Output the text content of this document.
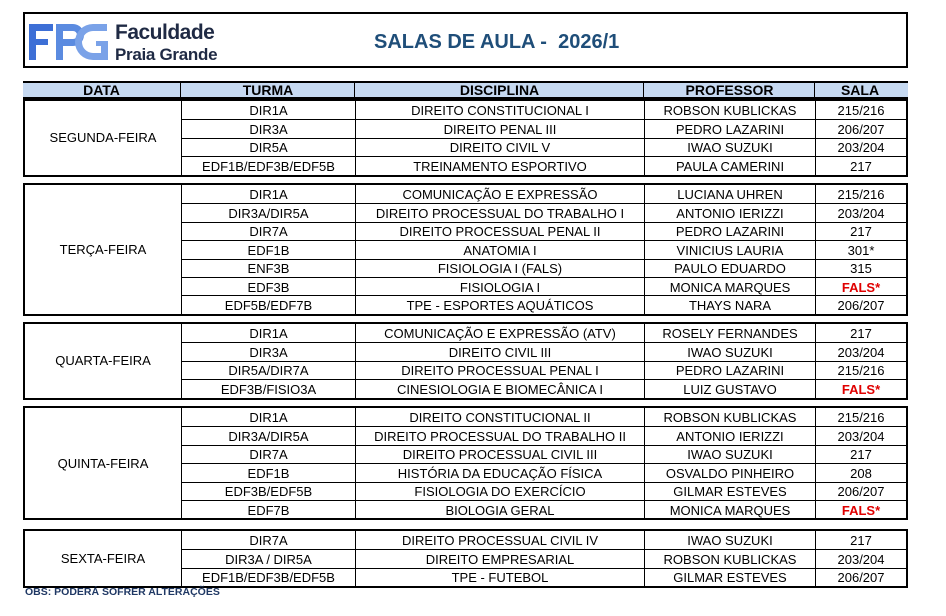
Faculdade
Praia Grande
SALAS DE AULA -  2026/1
DATA	TURMA	DISCIPLINA	PROFESSOR	SALA
SEGUNDA-FEIRA
DIR1A	DIREITO CONSTITUCIONAL I	ROBSON KUBLICKAS	215/216
DIR3A	DIREITO PENAL III	PEDRO LAZARINI	206/207
DIR5A	DIREITO CIVIL V	IWAO SUZUKI	203/204
EDF1B/EDF3B/EDF5B	TREINAMENTO ESPORTIVO	PAULA CAMERINI	217
TERÇA-FEIRA
DIR1A	COMUNICAÇÃO E EXPRESSÃO	LUCIANA UHREN	215/216
DIR3A/DIR5A	DIREITO PROCESSUAL DO TRABALHO I	ANTONIO IERIZZI	203/204
DIR7A	DIREITO PROCESSUAL PENAL II	PEDRO LAZARINI	217
EDF1B	ANATOMIA I	VINICIUS LAURIA	301*
ENF3B	FISIOLOGIA I (FALS)	PAULO EDUARDO	315
EDF3B	FISIOLOGIA I	MONICA MARQUES	FALS*
EDF5B/EDF7B	TPE - ESPORTES AQUÁTICOS	THAYS NARA	206/207
QUARTA-FEIRA
DIR1A	COMUNICAÇÃO E EXPRESSÃO (ATV)	ROSELY FERNANDES	217
DIR3A	DIREITO CIVIL III	IWAO SUZUKI	203/204
DIR5A/DIR7A	DIREITO PROCESSUAL PENAL I	PEDRO LAZARINI	215/216
EDF3B/FISIO3A	CINESIOLOGIA E BIOMECÂNICA I	LUIZ GUSTAVO	FALS*
QUINTA-FEIRA
DIR1A	DIREITO CONSTITUCIONAL II	ROBSON KUBLICKAS	215/216
DIR3A/DIR5A	DIREITO PROCESSUAL DO TRABALHO II	ANTONIO IERIZZI	203/204
DIR7A	DIREITO PROCESSUAL CIVIL III	IWAO SUZUKI	217
EDF1B	HISTÓRIA DA EDUCAÇÃO FÍSICA	OSVALDO PINHEIRO	208
EDF3B/EDF5B	FISIOLOGIA DO EXERCÍCIO	GILMAR ESTEVES	206/207
EDF7B	BIOLOGIA GERAL	MONICA MARQUES	FALS*
SEXTA-FEIRA
DIR7A	DIREITO PROCESSUAL CIVIL IV	IWAO SUZUKI	217
DIR3A / DIR5A	DIREITO EMPRESARIAL	ROBSON KUBLICKAS	203/204
EDF1B/EDF3B/EDF5B	TPE - FUTEBOL	GILMAR ESTEVES	206/207
OBS: PODERÁ SOFRER ALTERAÇÕES
